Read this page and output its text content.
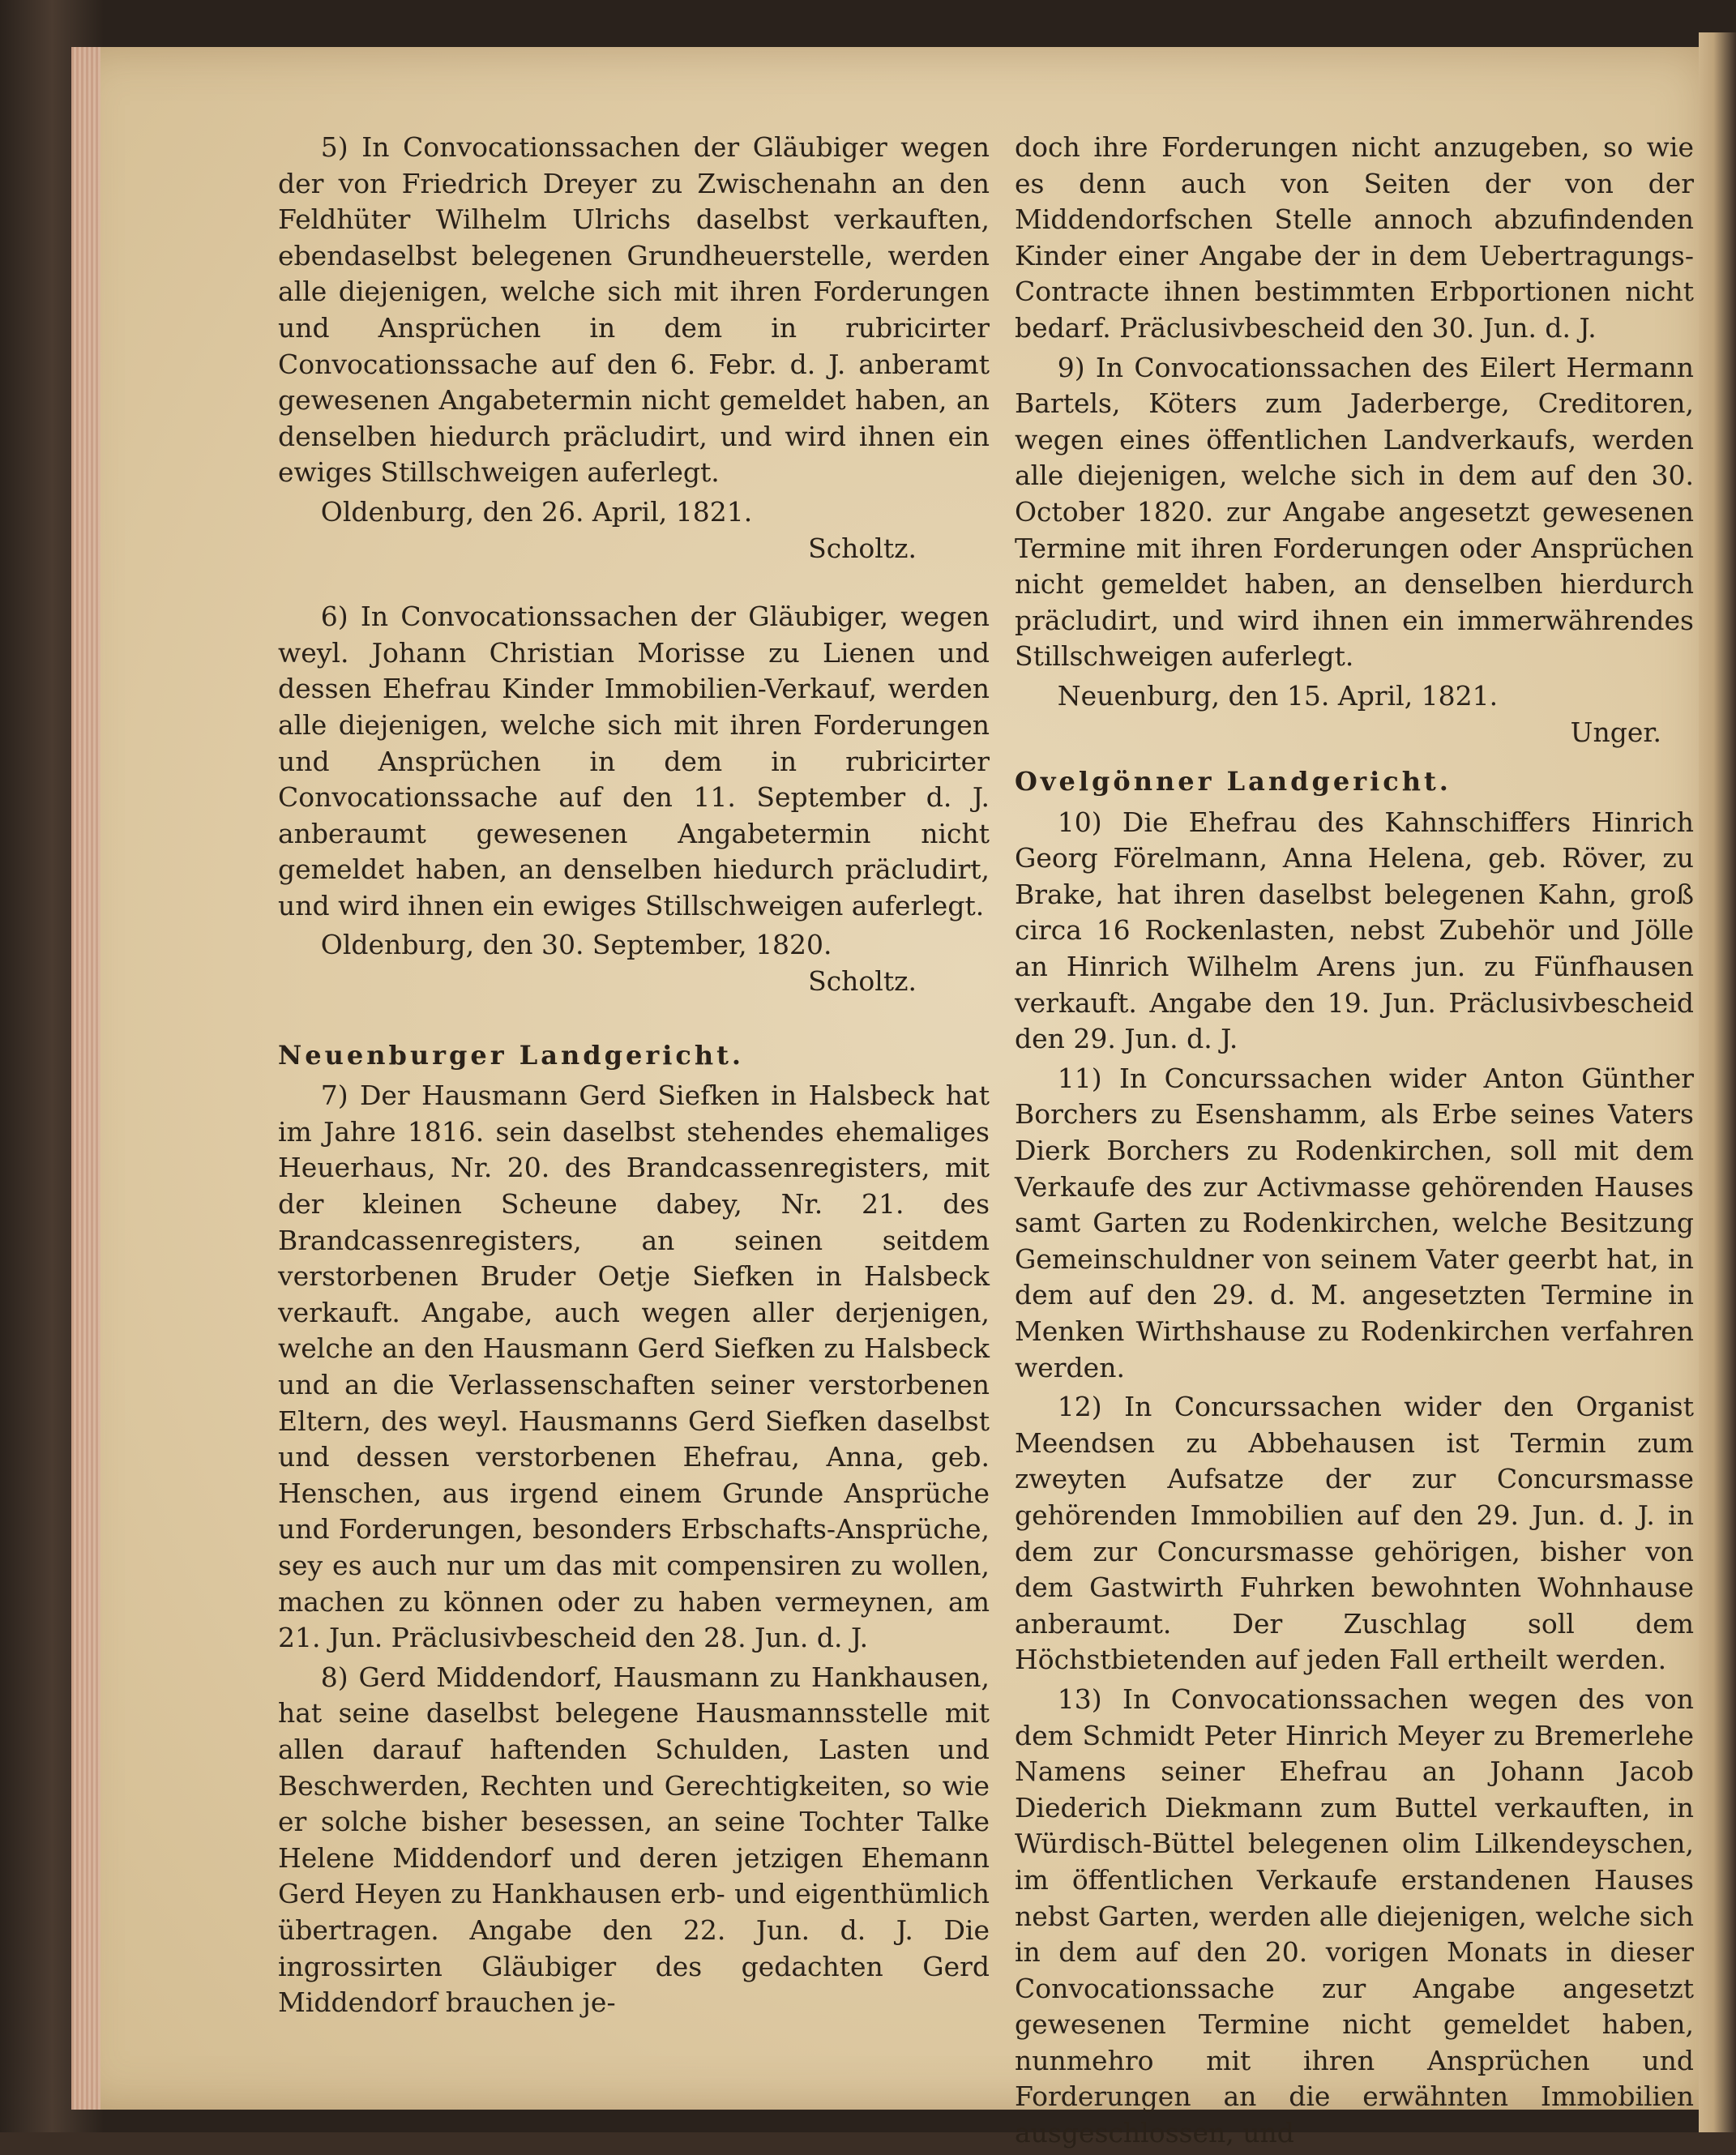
5) In Convocationssachen der Gläubiger wegen der von Friedrich Dreyer zu Zwischenahn an den Feldhüter Wilhelm Ulrichs daselbst verkauften, ebendaselbst belegenen Grundheuerstelle, werden alle diejenigen, welche sich mit ihren Forderungen und Ansprüchen in dem in rubricirter Convocationssache auf den 6. Febr. d. J. anberamt gewesenen Angabetermin nicht gemeldet haben, an denselben hiedurch präcludirt, und wird ihnen ein ewiges Stillschweigen auferlegt.

Oldenburg, den 26. April, 1821.

Scholtz.

6) In Convocationssachen der Gläubiger, wegen weyl. Johann Christian Morisse zu Lienen und dessen Ehefrau Kinder Immobilien-Verkauf, werden alle diejenigen, welche sich mit ihren Forderungen und Ansprüchen in dem in rubricirter Convocationssache auf den 11. September d. J. anberaumt gewesenen Angabetermin nicht gemeldet haben, an denselben hiedurch präcludirt, und wird ihnen ein ewiges Stillschweigen auferlegt.

Oldenburg, den 30. September, 1820.

Scholtz.

Neuenburger Landgericht.

7) Der Hausmann Gerd Siefken in Halsbeck hat im Jahre 1816. sein daselbst stehendes ehemaliges Heuerhaus, Nr. 20. des Brandcassenregisters, mit der kleinen Scheune dabey, Nr. 21. des Brandcassenregisters, an seinen seitdem verstorbenen Bruder Oetje Siefken in Halsbeck verkauft. Angabe, auch wegen aller derjenigen, welche an den Hausmann Gerd Siefken zu Halsbeck und an die Verlassenschaften seiner verstorbenen Eltern, des weyl. Hausmanns Gerd Siefken daselbst und dessen verstorbenen Ehefrau, Anna, geb. Henschen, aus irgend einem Grunde Ansprüche und Forderungen, besonders Erbschafts-Ansprüche, sey es auch nur um das mit compensiren zu wollen, machen zu können oder zu haben vermeynen, am 21. Jun. Präclusivbescheid den 28. Jun. d. J.

8) Gerd Middendorf, Hausmann zu Hankhausen, hat seine daselbst belegene Hausmannsstelle mit allen darauf haftenden Schulden, Lasten und Beschwerden, Rechten und Gerechtigkeiten, so wie er solche bisher besessen, an seine Tochter Talke Helene Middendorf und deren jetzigen Ehemann Gerd Heyen zu Hankhausen erb- und eigenthümlich übertragen. Angabe den 22. Jun. d. J. Die ingrossirten Gläubiger des gedachten Gerd Middendorf brauchen je-

doch ihre Forderungen nicht anzugeben, so wie es denn auch von Seiten der von der Middendorfschen Stelle annoch abzufindenden Kinder einer Angabe der in dem Uebertragungs-Contracte ihnen bestimmten Erbportionen nicht bedarf. Präclusivbescheid den 30. Jun. d. J.

9) In Convocationssachen des Eilert Hermann Bartels, Köters zum Jaderberge, Creditoren, wegen eines öffentlichen Landverkaufs, werden alle diejenigen, welche sich in dem auf den 30. October 1820. zur Angabe angesetzt gewesenen Termine mit ihren Forderungen oder Ansprüchen nicht gemeldet haben, an denselben hierdurch präcludirt, und wird ihnen ein immerwährendes Stillschweigen auferlegt.

Neuenburg, den 15. April, 1821.

Unger.

Ovelgönner Landgericht.

10) Die Ehefrau des Kahnschiffers Hinrich Georg Förelmann, Anna Helena, geb. Röver, zu Brake, hat ihren daselbst belegenen Kahn, groß circa 16 Rockenlasten, nebst Zubehör und Jölle an Hinrich Wilhelm Arens jun. zu Fünfhausen verkauft. Angabe den 19. Jun. Präclusivbescheid den 29. Jun. d. J.

11) In Concurssachen wider Anton Günther Borchers zu Esenshamm, als Erbe seines Vaters Dierk Borchers zu Rodenkirchen, soll mit dem Verkaufe des zur Activmasse gehörenden Hauses samt Garten zu Rodenkirchen, welche Besitzung Gemeinschuldner von seinem Vater geerbt hat, in dem auf den 29. d. M. angesetzten Termine in Menken Wirthshause zu Rodenkirchen verfahren werden.

12) In Concurssachen wider den Organist Meendsen zu Abbehausen ist Termin zum zweyten Aufsatze der zur Concursmasse gehörenden Immobilien auf den 29. Jun. d. J. in dem zur Concursmasse gehörigen, bisher von dem Gastwirth Fuhrken bewohnten Wohnhause anberaumt. Der Zuschlag soll dem Höchstbietenden auf jeden Fall ertheilt werden.

13) In Convocationssachen wegen des von dem Schmidt Peter Hinrich Meyer zu Bremerlehe Namens seiner Ehefrau an Johann Jacob Diederich Diekmann zum Buttel verkauften, in Würdisch-Büttel belegenen olim Lilkendeyschen, im öffentlichen Verkaufe erstandenen Hauses nebst Garten, werden alle diejenigen, welche sich in dem auf den 20. vorigen Monats in dieser Convocationssache zur Angabe angesetzt gewesenen Termine nicht gemeldet haben, nunmehro mit ihren Ansprüchen und Forderungen an die erwähnten Immobilien ausgeschlossen, und
